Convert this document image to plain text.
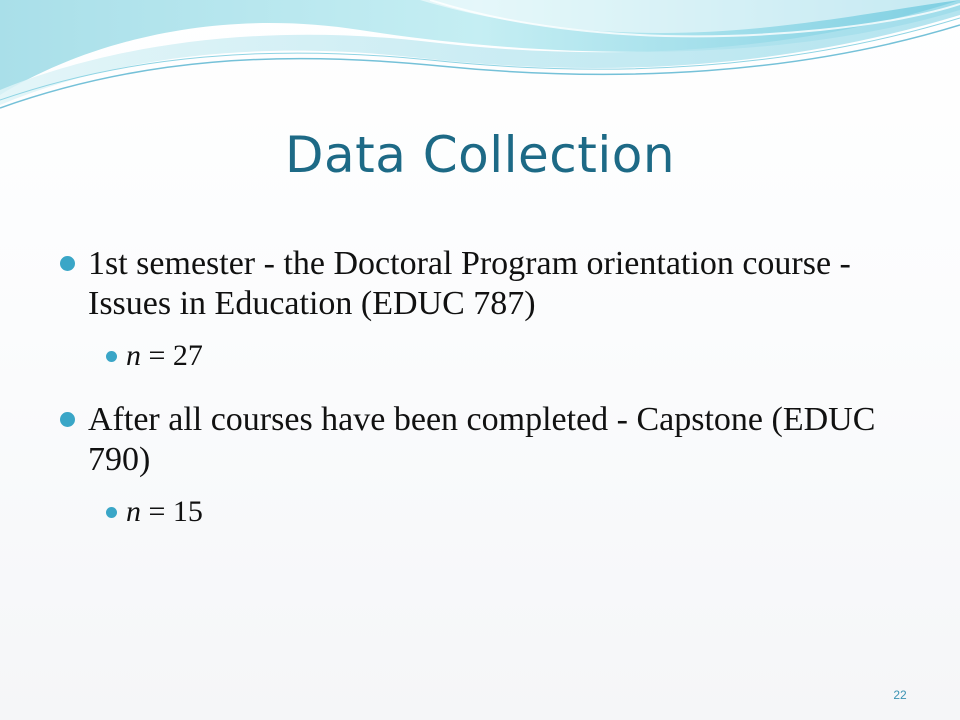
Data Collection
1st semester - the Doctoral Program orientation course - Issues in Education (EDUC 787)
n = 27
After all courses have been completed - Capstone (EDUC 790)
n = 15
22
